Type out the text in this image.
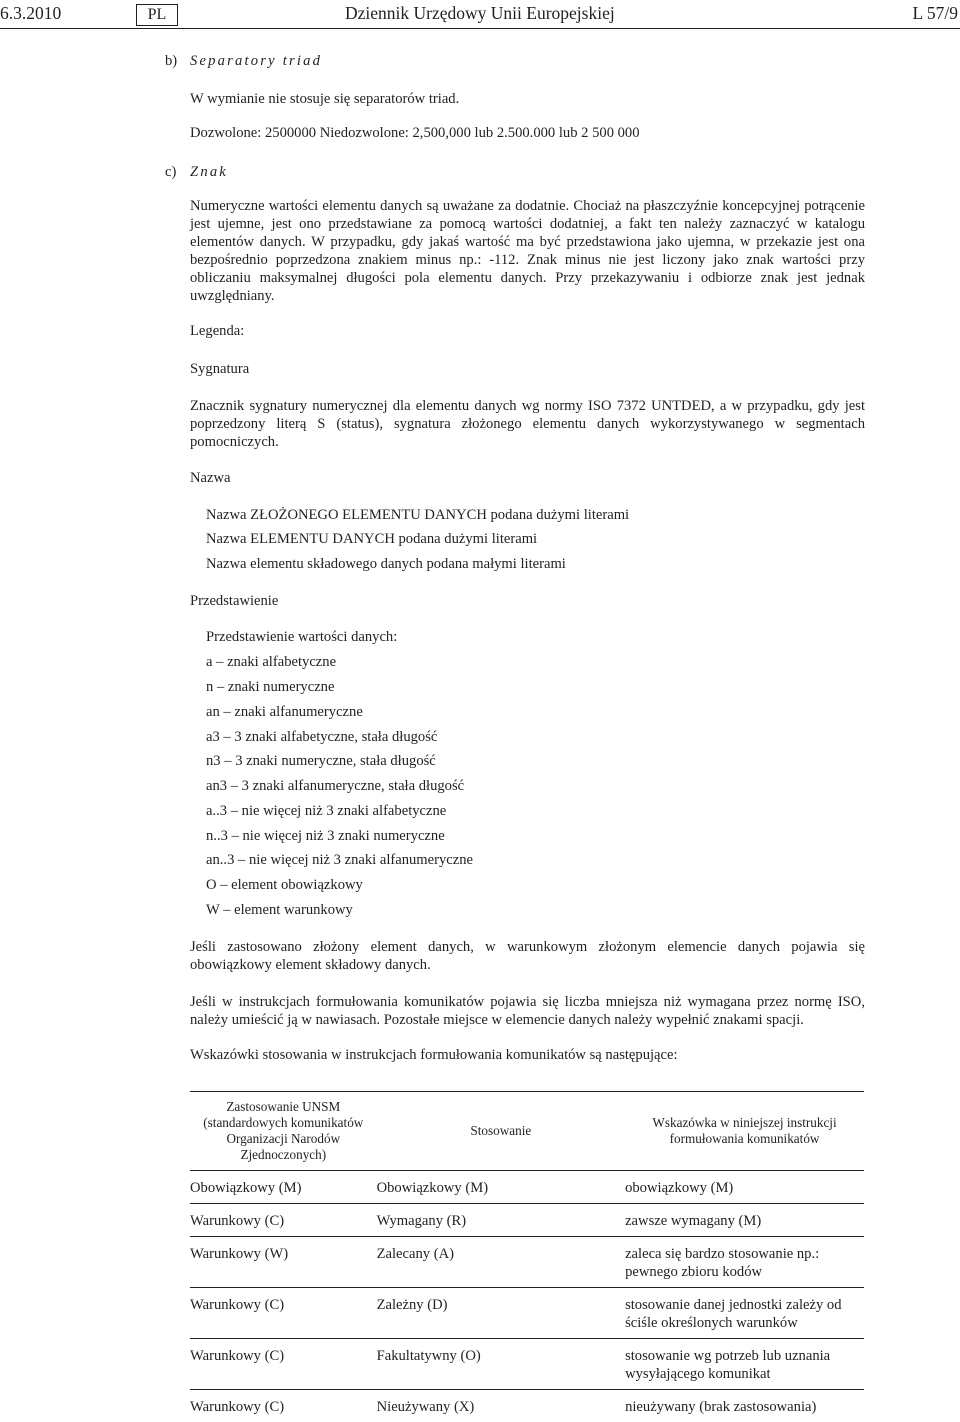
6.3.2010	PL	Dziennik Urzędowy Unii Europejskiej	L 57/9
b) Separatory triad
W wymianie nie stosuje się separatorów triad.
Dozwolone: 2500000 Niedozwolone: 2,500,000 lub 2.500.000 lub 2 500 000
c) Znak
Numeryczne wartości elementu danych są uważane za dodatnie. Chociaż na płaszczyźnie koncepcyjnej potrącenie jest ujemne, jest ono przedstawiane za pomocą wartości dodatniej, a fakt ten należy zaznaczyć w katalogu elementów danych. W przypadku, gdy jakaś wartość ma być przedstawiona jako ujemna, w przekazie jest ona bezpośrednio poprzedzona znakiem minus np.: -112. Znak minus nie jest liczony jako znak wartości przy obliczaniu maksymalnej długości pola elementu danych. Przy przekazywaniu i odbiorze znak jest jednak uwzględniany.
Legenda:
Sygnatura
Znacznik sygnatury numerycznej dla elementu danych wg normy ISO 7372 UNTDED, a w przypadku, gdy jest poprzedzony literą S (status), sygnatura złożonego elementu danych wykorzystywanego w segmentach pomocniczych.
Nazwa
Nazwa ZŁOŻONEGO ELEMENTU DANYCH podana dużymi literami
Nazwa ELEMENTU DANYCH podana dużymi literami
Nazwa elementu składowego danych podana małymi literami
Przedstawienie
Przedstawienie wartości danych:
a – znaki alfabetyczne
n – znaki numeryczne
an – znaki alfanumeryczne
a3 – 3 znaki alfabetyczne, stała długość
n3 – 3 znaki numeryczne, stała długość
an3 – 3 znaki alfanumeryczne, stała długość
a..3 – nie więcej niż 3 znaki alfabetyczne
n..3 – nie więcej niż 3 znaki numeryczne
an..3 – nie więcej niż 3 znaki alfanumeryczne
O – element obowiązkowy
W – element warunkowy
Jeśli zastosowano złożony element danych, w warunkowym złożonym elemencie danych pojawia się obowiązkowy element składowy danych.
Jeśli w instrukcjach formułowania komunikatów pojawia się liczba mniejsza niż wymagana przez normę ISO, należy umieścić ją w nawiasach. Pozostałe miejsce w elemencie danych należy wypełnić znakami spacji.
Wskazówki stosowania w instrukcjach formułowania komunikatów są następujące:
Zastosowanie UNSM (standardowych komunikatów Organizacji Narodów Zjednoczonych)	Stosowanie	Wskazówka w niniejszej instrukcji formułowania komunikatów
Obowiązkowy (M)	Obowiązkowy (M)	obowiązkowy (M)
Warunkowy (C)	Wymagany (R)	zawsze wymagany (M)
Warunkowy (W)	Zalecany (A)	zaleca się bardzo stosowanie np.: pewnego zbioru kodów
Warunkowy (C)	Zależny (D)	stosowanie danej jednostki zależy od ściśle określonych warunków
Warunkowy (C)	Fakultatywny (O)	stosowanie wg potrzeb lub uznania wysyłającego komunikat
Warunkowy (C)	Nieużywany (X)	nieużywany (brak zastosowania)
